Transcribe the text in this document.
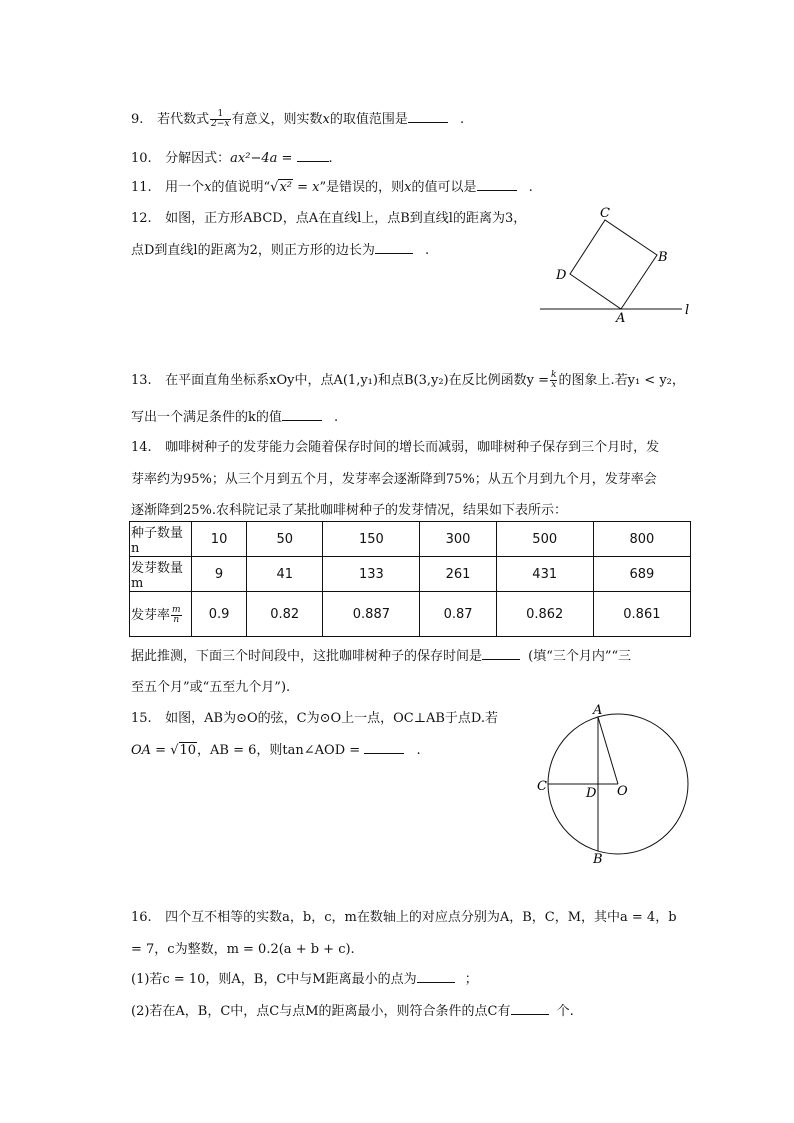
9. 若代数式 $\frac{1}{2-x}$ 有意义，则实数x的取值范围是	.
10. 分解因式：ax²−4a = .
11. 用一个x的值说明“√x² = x”是错误的，则x的值可以是	.
12. 如图，正方形ABCD，点A在直线l上，点B到直线l的距离为3，
点D到直线l的距离为2，则正方形的边长为	.
C
B
D
A
l
13. 在平面直角坐标系xOy中，点A(1,y₁)和点B(3,y₂)在反比例函数$y = \frac{k}{x}$ 的图象上.若y₁ < y₂，
写出一个满足条件的k的值	.
14. 咖啡树种子的发芽能力会随着保存时间的增长而减弱，咖啡树种子保存到三个月时，发
芽率约为95%；从三个月到五个月，发芽率会逐渐降到75%；从五个月到九个月，发芽率会
逐渐降到25%.农科院记录了某批咖啡树种子的发芽情况，结果如下表所示：
种子数量n	10	50	150	300	500	800
发芽数量m	9	41	133	261	431	689
发芽率 $\frac{m}{n}$	0.9	0.82	0.887	0.87	0.862	0.861
据此推测，下面三个时间段中，这批咖啡树种子的保存时间是	(填“三个月内”“三
至五个月”或“五至九个月”).
15. 如图，AB为⊙O的弦，C为⊙O上一点，OC⊥AB于点D.若
OA = √10，AB = 6，则tan∠AOD =	.
A
B
C	D O
16. 四个互不相等的实数a，b，c，m在数轴上的对应点分别为A，B，C，M，其中a = 4，b
= 7，c为整数，m = 0.2(a + b + c).
(1)若c = 10，则A，B，C中与M距离最小的点为	；
(2)若在A，B，C中，点C与点M的距离最小，则符合条件的点C有	个.
